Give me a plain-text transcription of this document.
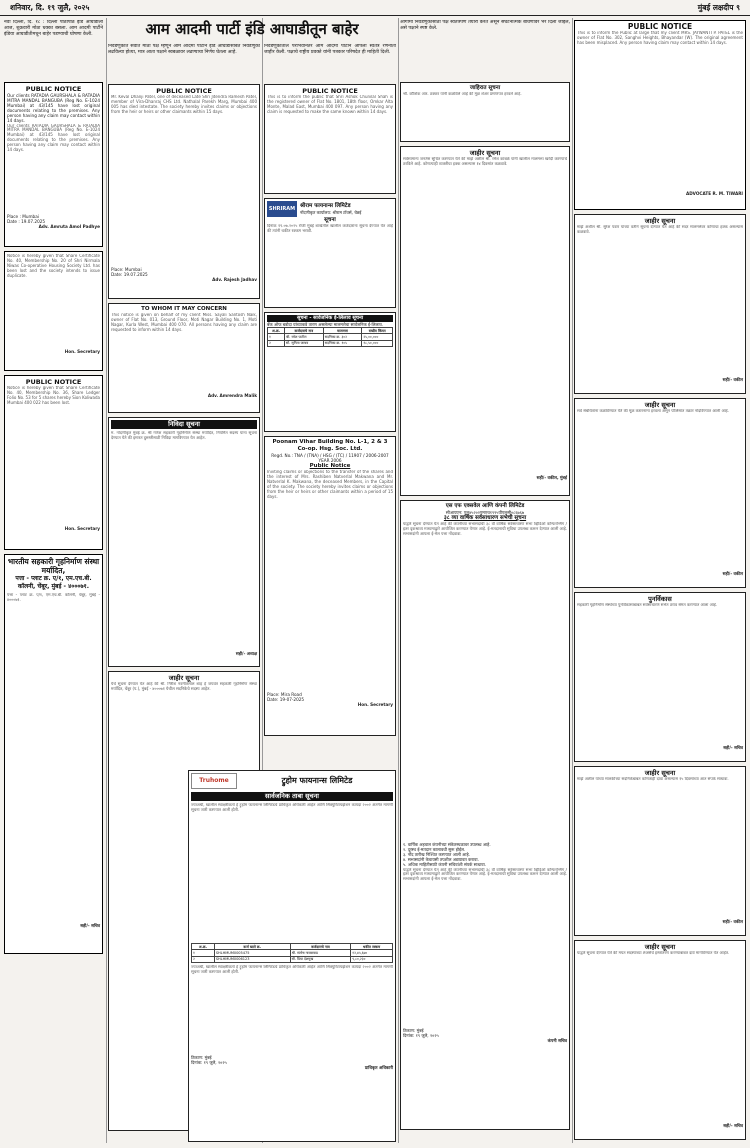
शनिवार, दि. १९ जुलै, २०२५	मुंबई लक्षदीप ९
नवी दिल्ली, दि. १८ : दिल्ली पाठोपाठ इंडि आघाडीला आज, शुक्रवारी मोठा धक्का बसला. आम आदमी पार्टीने इंडिया आघाडीतीमधून बाहेर पडण्याची घोषणा केली.
PUBLIC NOTICE
Our clients RATADIA GAURSHALA & RATADIA MITRA MANDAL BANGUBA (Reg No. E-1024 Mumbai) at 43/145 have lost original documents relating to the premises. Any person having any claim may contact within 14 days.
Our clients RATADIA GAURSHALA & RATADIA MITRA MANDAL BANGUBA (Reg No. E-1024 Mumbai) at 43/145 have lost original documents relating to the premises. Any person having any claim may contact within 14 days.
Place : Mumbai
Date : 19.07.2025
Adv. Amruta Amol Padhye
Notice is hereby given that Share Certificate No. 40, Membership No. 20 of Shri Nirmala Niwas Co-operative Housing Society Ltd. has been lost and the society intends to issue duplicate.
Hon. Secretary
PUBLIC NOTICE
Notice is hereby given that Share Certificate No. 40, Membership No. 36, Share Ledger Folio No. 53 for 5 shares hereby Sion Koliwada Mumbai 400 022 has been lost.
Hon. Secretary
भारतीय सहकारी गृहनिर्माण संस्था मर्यादित,
पत्ता - प्लाट क्र. ए/१, एम.एच.बी. कॉलनी, चेंबूर, मुंबई - ४०००७१.
पत्ता - प्लाट क्र. ए/१, एम.एच.बी. कॉलनी, चेंबूर, मुंबई - ४०००७१.
सही/- सचिव
आम आदमी पार्टी इंडि आघाडीतून बाहेर
निवडणुकीत सर्वात मोठा पक्ष म्हणून आम आदमी पार्टीने इंडि आघाडीसोबत निवडणुका लढविल्या होत्या, मात्र आता पक्षाने स्वबळावर लढण्याचा निर्णय घेतला आहे.
PUBLIC NOTICE
Mr. Keval Dhanji Patel, one of deceased Late Shri Jitendra Ramesh Patel, member of Vira-Dhanraj CHS Ltd. Nathalal Parekh Marg, Mumbai 400 005 has died intestate. The society hereby invites claims or objections from the heir or heirs or other claimants within 15 days.
Place: Mumbai
Date: 19.07.2025
Adv. Rajesh Jadhav
TO WHOM IT MAY CONCERN
This notice is given on behalf of my client Miss. Sayali Santosh Naik, owner of Flat No. 013, Ground Floor, Moti Nagar Building No. 1, Moti Nagar, Kurla West, Mumbai 400 070. All persons having any claim are requested to inform within 14 days.
Adv. Amrendra Malik
निविदा सूचना
म. नोंदणीकृत मुंबई क्र. श्री गणेश सहकारी गृहनिर्माण संस्था मर्यादित, नियमित सदस्य यांना सूचना देण्यात येते की इमारत दुरुस्तीसाठी निविदा मागविण्यात येत आहेत.
सही/- अध्यक्ष
जाहीर सूचना
येथे सूचना देण्यात येत आहे की श्री. गिरीश नवनीतलाल शाह हे जयवंत सहकारी गृहनिर्माण संस्था मर्यादित, चेंबूर (प.), मुंबई - ४०००७१ येथील सदनिकेचे सदस्य आहेत.
निवडणुकीतील पराभवानंतर आम आदमी पार्टीने आपली स्वतंत्र रणनीती जाहीर केली. पक्षाचे राष्ट्रीय प्रवक्ते यांनी पत्रकार परिषदेत ही माहिती दिली.
PUBLIC NOTICE
This is to inform the public that Shri Ashok Chunilal Shah is the registered owner of Flat No. 1801, 18th floor, Omkar Alta Monte, Malad East, Mumbai 400 097. Any person having any claim is requested to make the same known within 14 days.
SHRIRAM श्रीराम फायनान्स लिमिटेड
नोंदणीकृत कार्यालय: श्रीराम टॉवर्स, चेन्नई
सूचना
दिनांक १९.०७.२०२५ रोजी मुंबई शाखेतील खालील कर्जदारांना सूचना देण्यात येत आहे की त्यांनी थकीत रक्कम भरावी.
सूचना - सार्वजनिक ई-लिलाव सूचना
बँक ऑफ बडोदा यांच्याकडे तारण असलेल्या मालमत्तेचा सार्वजनिक ई-लिलाव.
अ.क्र.	कर्जदाराचे नाव	मालमत्ता	राखीव किंमत
१	श्री. रमेश पाटील	सदनिका क्र. ३०२	२५,००,०००
२	सौ. सुनिता जाधव	सदनिका क्र. १०५	१८,५०,०००
Poonam Vihar Building No. L-1, 2 & 3 Co-op. Hsg. Soc. Ltd.
Regd. No.: TNA / (TNA) / HSG / (TC) / 11907 / 2006-2007 YEAR 2006
Public Notice
Inviting claims or objections to the transfer of the shares and the interest of Mrs. Rashiben Natverlal Makwana and Mr. Natverlal K. Makwana, the deceased Members, in the Capital of the society. The society hereby invites claims or objections from the heir or heirs or other claimants within a period of 15 days.
Place: Mira Road
Date: 19-07-2025
Hon. Secretary
Truhome	ट्रुहोम फायनान्स लिमिटेड
सार्वजनिक ताबा सूचना
ज्याअर्थी, खालील स्वाक्षरीकर्ता हे ट्रुहोम फायनान्स लिमिटेडचे प्राधिकृत अधिकारी आहेत आणि सिक्युरिटायझेशन कायदा २००२ अंतर्गत मागणी सूचना जारी करण्यात आली होती.
अ.क्र.	कर्ज खाते क्र.	कर्जदाराचे नाव	थकीत रक्कम
१	SHLHMUM0005475	श्री. संतोष गायकवाड	१२,४५,६७०
२	SHLHMUM0006123	सौ. प्रिया देशमुख	९,८०,२३०
ज्याअर्थी, खालील स्वाक्षरीकर्ता हे ट्रुहोम फायनान्स लिमिटेडचे प्राधिकृत अधिकारी आहेत आणि सिक्युरिटायझेशन कायदा २००२ अंतर्गत मागणी सूचना जारी करण्यात आली होती.
ठिकाण: मुंबई
दिनांक: १९ जुलै, २०२५
प्राधिकृत अधिकारी
आगामी निवडणुकांसाठी पक्ष स्वतंत्रपणे तयारी करत असून संघटनात्मक बांधणीवर भर दिला जाईल, असे पक्षाने स्पष्ट केले.
जाहिरात सूचना
श्री. कौशिक आर. ठक्कर यांनी कळविले आहे की मूळ शेअर प्रमाणपत्र हरवले आहे.
जाहीर सूचना
सर्वसामान्य जनतेस सूचित करण्यात येते की माझे अशील श्री. रमेश कांबळे यांनी खालील मालमत्ता खरेदी करण्याचे ठरविले आहे. कोणत्याही व्यक्तीचा हक्क असल्यास १४ दिवसांत कळवावे.
सही/- वकील, मुंबई
एस एफ एक्सवेल आणि कंपनी लिमिटेड
सीआयएन: एल४५२०२एमएच१९९५पीएलसी०८६७६७
३८ व्या वार्षिक सर्वसाधारण सभेची सूचना
याद्वारे सूचना देण्यात येत आहे की कंपनीच्या सभासदांची ३८ वी वार्षिक सर्वसाधारण सभा व्हिडिओ कॉन्फरन्सिंग / इतर दृकश्राव्य माध्यमाद्वारे आयोजित करण्यात येणार आहे. ई-मतदानाची सुविधा उपलब्ध करून देण्यात आली आहे. सभासदांनी आपला ई-मेल पत्ता नोंदवावा.
१. वार्षिक अहवाल कंपनीच्या संकेतस्थळावर उपलब्ध आहे.
२. दूरस्थ ई-मतदान कालावधी सुरू होईल.
३. नोंद तारीख निश्चित करण्यात आली आहे.
४. सभासदांनी केवायसी तपशील अद्ययावत करावा.
५. अधिक माहितीसाठी कंपनी सचिवांशी संपर्क साधावा.
याद्वारे सूचना देण्यात येत आहे की कंपनीच्या सभासदांची ३८ वी वार्षिक सर्वसाधारण सभा व्हिडिओ कॉन्फरन्सिंग / इतर दृकश्राव्य माध्यमाद्वारे आयोजित करण्यात येणार आहे. ई-मतदानाची सुविधा उपलब्ध करून देण्यात आली आहे. सभासदांनी आपला ई-मेल पत्ता नोंदवावा.
ठिकाण: मुंबई
दिनांक: १९ जुलै, २०२५
कंपनी सचिव
PUBLIC NOTICE
This is to inform the Public at large that my client MRS. JAYWANTI P. PATEL is the owner of Flat No. 302, Sanghvi Heights, Bhayandar (W). The original agreement has been misplaced. Any person having claim may contact within 14 days.
ADVOCATE R. M. TIWARI
जाहीर सूचना
माझे अशील श्री. सुरेश पवार यांच्या वतीने सूचना देण्यात येत आहे की सदर मालमत्तेवर कोणाचा हक्क असल्यास कळवावे.
सही/- वकील
जाहीर सूचना
सर्व संबंधितांना कळविण्यात येते की मूळ करारनामा हरवला असून पोलिसांत तक्रार नोंदविण्यात आली आहे.
सही/- वकील
पुनर्विकास
सहकारी गृहनिर्माण संस्थेच्या पुनर्विकासाबाबत सर्वसाधारण सभेत ठराव संमत करण्यात आला आहे.
सही/- सचिव
जाहीर सूचना
माझे अशील यांच्या मालकीच्या सदनिकेबाबत कोणताही दावा असल्यास १५ दिवसांच्या आत संपर्क साधावा.
सही/- वकील
जाहीर सूचना
याद्वारे सूचना देण्यात येते की मयत सदस्याच्या शेअर्सचे हस्तांतरण करण्याबाबत दावे मागविण्यात येत आहेत.
सही/- सचिव
